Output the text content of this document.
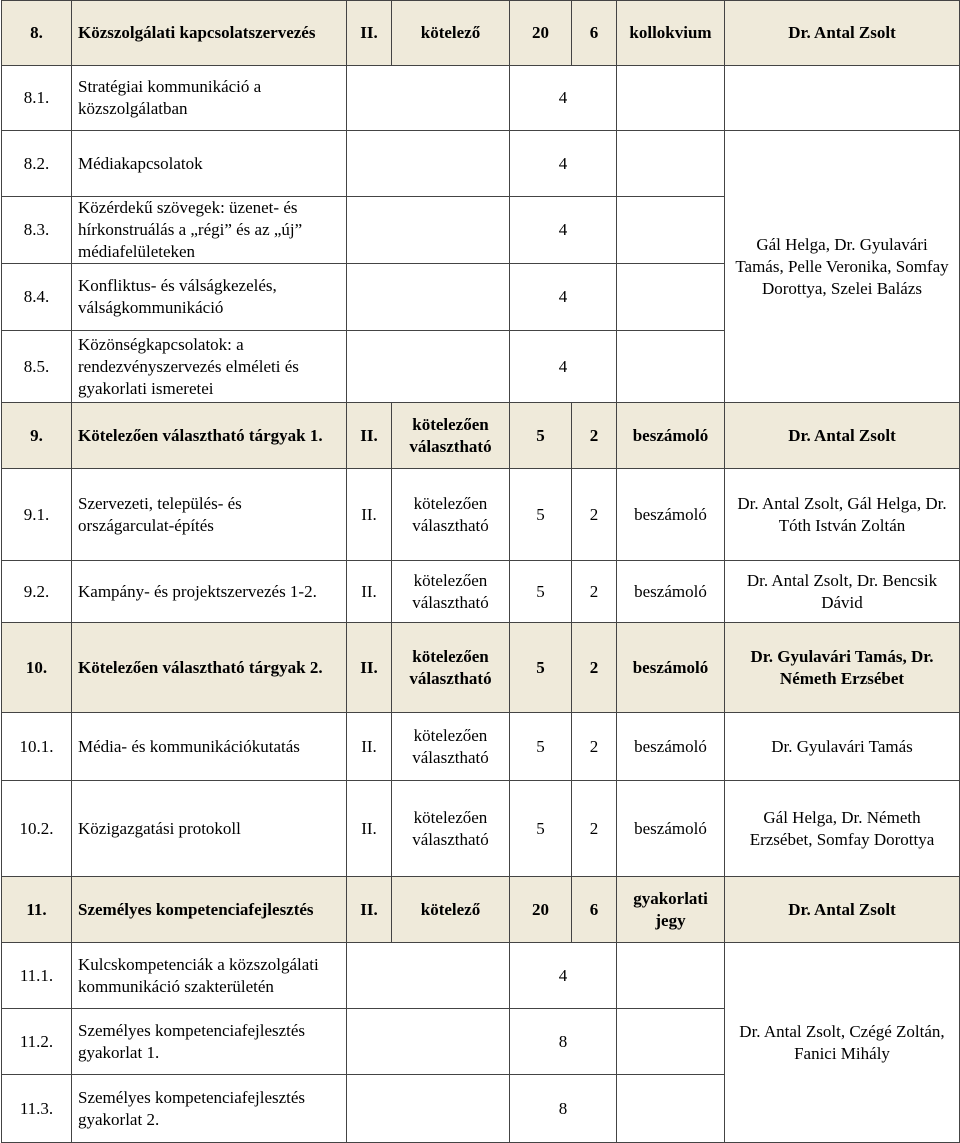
8.	Közszolgálati kapcsolatszervezés	II.	kötelező	20	6	kollokvium	Dr. Antal Zsolt
8.1.	Stratégiai kommunikáció a közszolgálatban			4			
8.2.	Médiakapcsolatok			4			Gál Helga, Dr. Gyulavári Tamás, Pelle Veronika, Somfay Dorottya, Szelei Balázs
8.3.	Közérdekű szövegek: üzenet- és hírkonstruálás a „régi” és az „új” médiafelületeken			4			
8.4.	Konfliktus- és válságkezelés, válságkommunikáció			4			
8.5.	Közönségkapcsolatok: a rendezvényszervezés elméleti és gyakorlati ismeretei			4			
9.	Kötelezően választható tárgyak 1.	II.	kötelezően választható	5	2	beszámoló	Dr. Antal Zsolt
9.1.	Szervezeti, település- és országarculat-építés	II.	kötelezően választható	5	2	beszámoló	Dr. Antal Zsolt, Gál Helga, Dr. Tóth István Zoltán
9.2.	Kampány- és projektszervezés 1-2.	II.	kötelezően választható	5	2	beszámoló	Dr. Antal Zsolt, Dr. Bencsik Dávid
10.	Kötelezően választható tárgyak 2.	II.	kötelezően választható	5	2	beszámoló	Dr. Gyulavári Tamás, Dr. Németh Erzsébet
10.1.	Média- és kommunikációkutatás	II.	kötelezően választható	5	2	beszámoló	Dr. Gyulavári Tamás
10.2.	Közigazgatási protokoll	II.	kötelezően választható	5	2	beszámoló	Gál Helga, Dr. Németh Erzsébet, Somfay Dorottya
11.	Személyes kompetenciafejlesztés	II.	kötelező	20	6	gyakorlati jegy	Dr. Antal Zsolt
11.1.	Kulcskompetenciák a közszolgálati kommunikáció szakterületén			4			Dr. Antal Zsolt, Czégé Zoltán, Fanici Mihály
11.2.	Személyes kompetenciafejlesztés gyakorlat 1.			8			
11.3.	Személyes kompetenciafejlesztés gyakorlat 2.			8			
